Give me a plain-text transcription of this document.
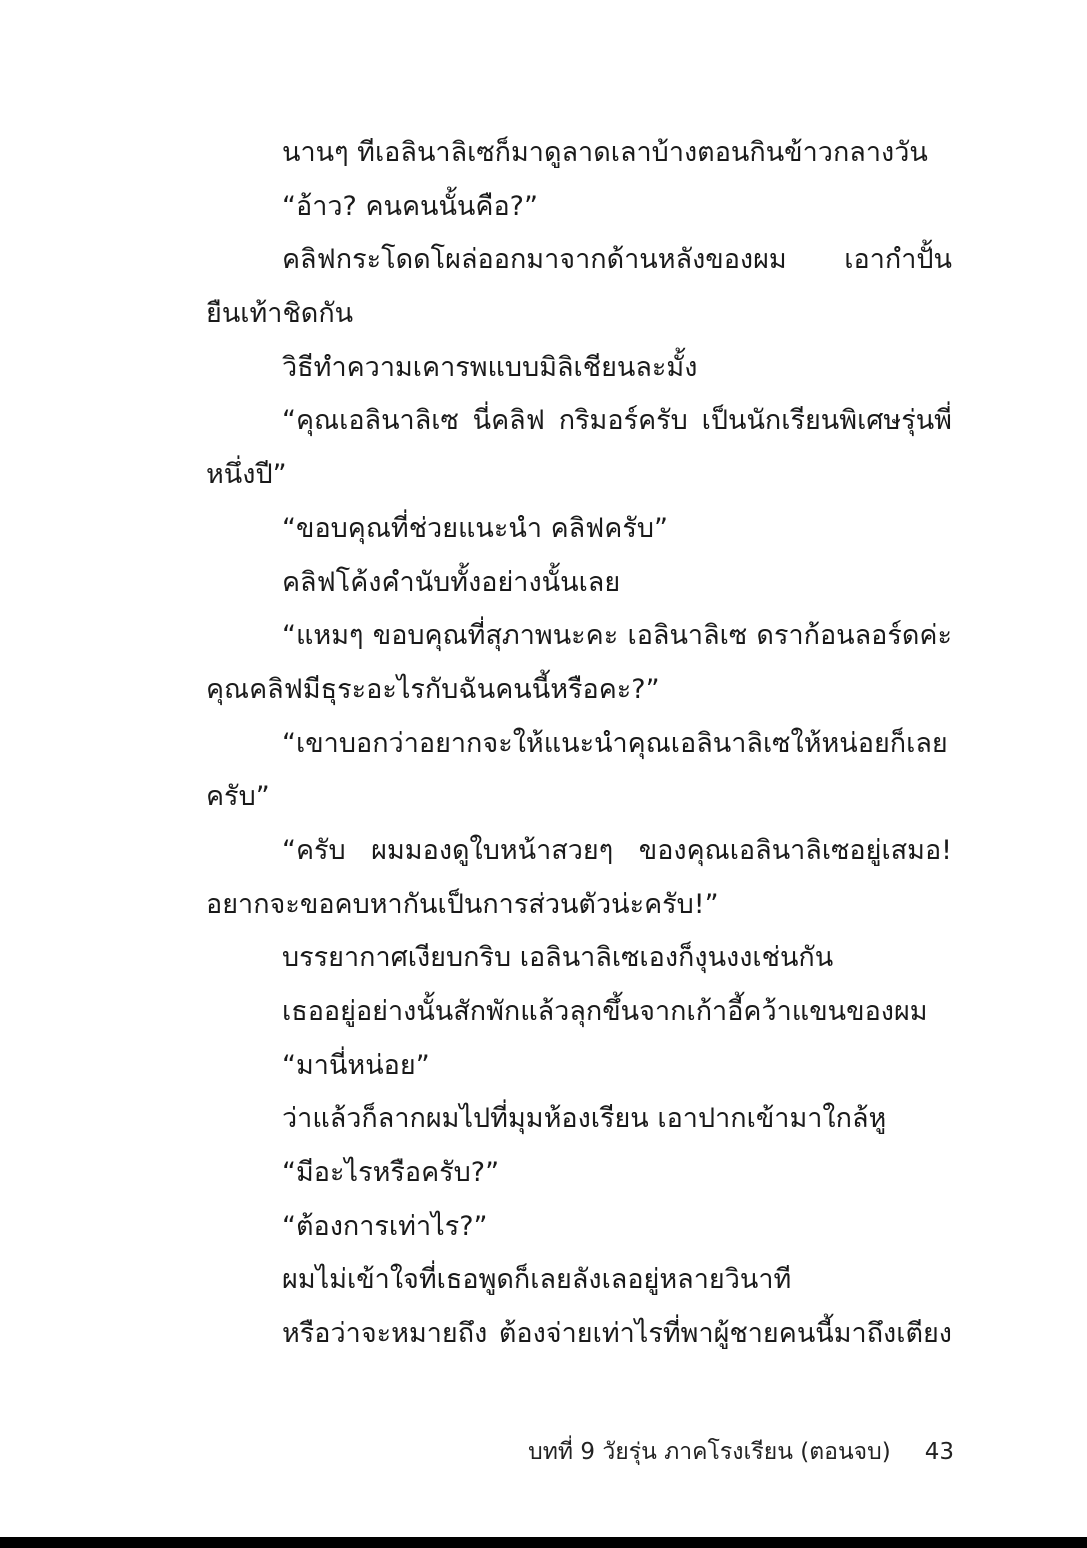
นานๆ ทีเอลินาลิเซก็มาดูลาดเลาบ้างตอนกินข้าวกลางวัน
“อ้าว? คนคนนั้นคือ?”
คลิฟกระโดดโผล่ออกมาจากด้านหลังของผม เอากำปั้น
ยืนเท้าชิดกัน
วิธีทำความเคารพแบบมิลิเชียนละมั้ง
“คุณเอลินาลิเซ นี่คลิฟ กริมอร์ครับ เป็นนักเรียนพิเศษรุ่นพี่
หนึ่งปี”
“ขอบคุณที่ช่วยแนะนำ คลิฟครับ”
คลิฟโค้งคำนับทั้งอย่างนั้นเลย
“แหมๆ ขอบคุณที่สุภาพนะคะ เอลินาลิเซ ดราก้อนลอร์ดค่ะ
คุณคลิฟมีธุระอะไรกับฉันคนนี้หรือคะ?”
“เขาบอกว่าอยากจะให้แนะนำคุณเอลินาลิเซให้หน่อยก็เลย
ครับ”
“ครับ ผมมองดูใบหน้าสวยๆ ของคุณเอลินาลิเซอยู่เสมอ!
อยากจะขอคบหากันเป็นการส่วนตัวน่ะครับ!”
บรรยากาศเงียบกริบ เอลินาลิเซเองก็งุนงงเช่นกัน
เธออยู่อย่างนั้นสักพักแล้วลุกขึ้นจากเก้าอี้คว้าแขนของผม
“มานี่หน่อย”
ว่าแล้วก็ลากผมไปที่มุมห้องเรียน เอาปากเข้ามาใกล้หู
“มีอะไรหรือครับ?”
“ต้องการเท่าไร?”
ผมไม่เข้าใจที่เธอพูดก็เลยลังเลอยู่หลายวินาที
หรือว่าจะหมายถึง ต้องจ่ายเท่าไรที่พาผู้ชายคนนี้มาถึงเตียง
บทที่ 9 วัยรุ่น ภาคโรงเรียน (ตอนจบ) 43
